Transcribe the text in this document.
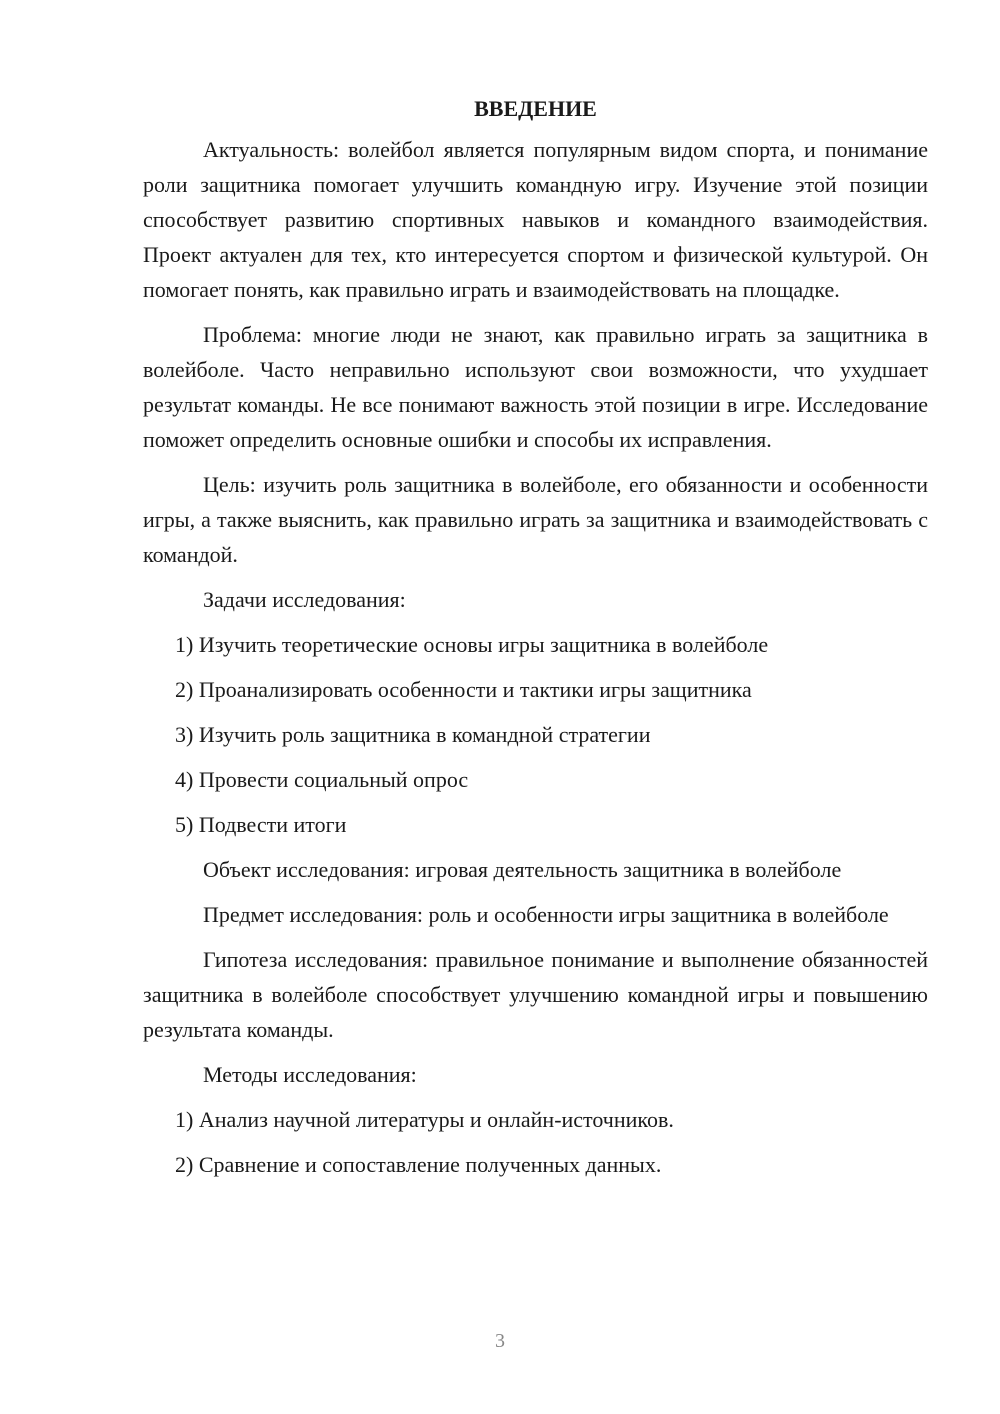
ВВЕДЕНИЕ

Актуальность: волейбол является популярным видом спорта, и понимание роли защитника помогает улучшить командную игру. Изучение этой позиции способствует развитию спортивных навыков и командного взаимодействия. Проект актуален для тех, кто интересуется спортом и физической культурой. Он помогает понять, как правильно играть и взаимодействовать на площадке.

Проблема: многие люди не знают, как правильно играть за защитника в волейболе. Часто неправильно используют свои возможности, что ухудшает результат команды. Не все понимают важность этой позиции в игре. Исследование поможет определить основные ошибки и способы их исправления.

Цель: изучить роль защитника в волейболе, его обязанности и особенности игры, а также выяснить, как правильно играть за защитника и взаимодействовать с командой.

Задачи исследования:

1) Изучить теоретические основы игры защитника в волейболе

2) Проанализировать особенности и тактики игры защитника

3) Изучить роль защитника в командной стратегии

4) Провести социальный опрос

5) Подвести итоги

Объект исследования: игровая деятельность защитника в волейболе

Предмет исследования: роль и особенности игры защитника в волейболе

Гипотеза исследования: правильное понимание и выполнение обязанностей защитника в волейболе способствует улучшению командной игры и повышению результата команды.

Методы исследования:

1) Анализ научной литературы и онлайн-источников.

2) Сравнение и сопоставление полученных данных.

3
